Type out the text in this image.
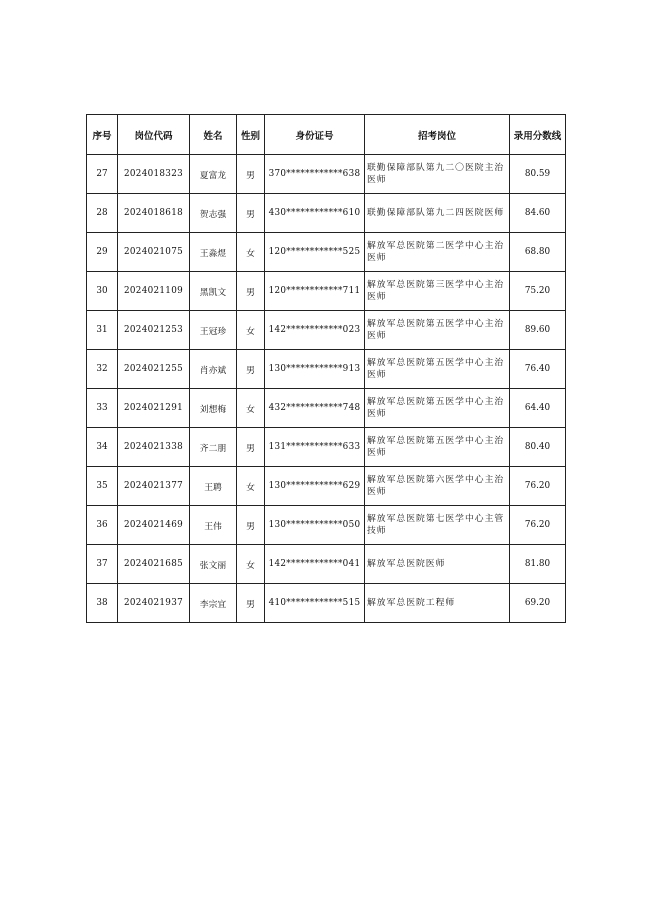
序号	岗位代码	姓名	性别	身份证号	招考岗位	录用分数线
27	2024018323	夏富龙	男	370************638	联勤保障部队第九二〇医院主治医师	80.59
28	2024018618	贺志强	男	430************610	联勤保障部队第九二四医院医师	84.60
29	2024021075	王淼煜	女	120************525	解放军总医院第二医学中心主治医师	68.80
30	2024021109	黑凯文	男	120************711	解放军总医院第三医学中心主治医师	75.20
31	2024021253	王冠珍	女	142************023	解放军总医院第五医学中心主治医师	89.60
32	2024021255	肖亦斌	男	130************913	解放军总医院第五医学中心主治医师	76.40
33	2024021291	刘想梅	女	432************748	解放军总医院第五医学中心主治医师	64.40
34	2024021338	齐二朋	男	131************633	解放军总医院第五医学中心主治医师	80.40
35	2024021377	王聘	女	130************629	解放军总医院第六医学中心主治医师	76.20
36	2024021469	王伟	男	130************050	解放军总医院第七医学中心主管技师	76.20
37	2024021685	张文丽	女	142************041	解放军总医院医师	81.80
38	2024021937	李宗宜	男	410************515	解放军总医院工程师	69.20
